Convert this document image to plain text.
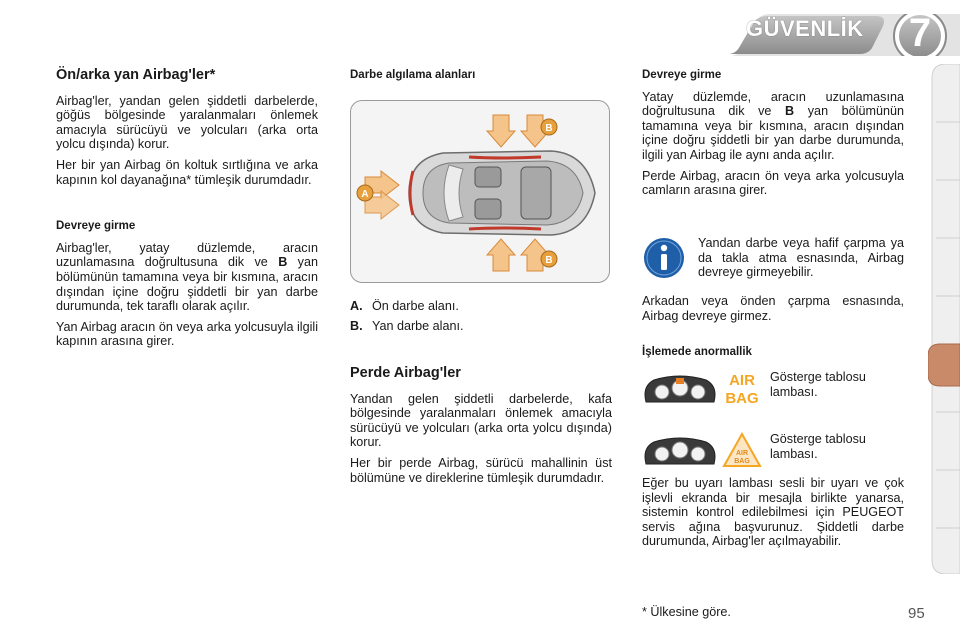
GÜVENLİK	7
Ön/arka yan Airbag'ler*

Airbag'ler, yandan gelen şiddetli darbelerde, göğüs bölgesinde yaralanmaları önlemek amacıyla sürücüyü ve yolcuları (arka orta yolcu dışında) korur.

Her bir yan Airbag ön koltuk sırtlığına ve arka kapının kol dayanağına* tümleşik durumdadır.

Devreye girme

Airbag'ler, yatay düzlemde, aracın uzunlamasına doğrultusuna dik ve B yan bölümünün tamamına veya bir kısmına, aracın dışından içine doğru şiddetli bir yan darbe durumunda, tek taraflı olarak açılır.

Yan Airbag aracın ön veya arka yolcusuyla ilgili kapının arasına girer.

Darbe algılama alanları
B
A
B
A. Ön darbe alanı.
B. Yan darbe alanı.
Perde Airbag'ler

Yandan gelen şiddetli darbelerde, kafa bölgesinde yaralanmaları önlemek amacıyla sürücüyü ve yolcuları (arka orta yolcu dışında) korur.

Her bir perde Airbag, sürücü mahallinin üst bölümüne ve direklerine tümleşik durumdadır.

Devreye girme

Yatay düzlemde, aracın uzunlamasına doğrultusuna dik ve B yan bölümünün tamamına veya bir kısmına, aracın dışından içine doğru şiddetli bir yan darbe durumunda, ilgili yan Airbag ile aynı anda açılır.

Perde Airbag, aracın ön veya arka yolcusuyla camların arasına girer.

Yandan darbe veya hafif çarpma ya da takla atma esnasında, Airbag devreye girmeyebilir.

Arkadan veya önden çarpma esnasında, Airbag devreye girmez.

İşlemede anormallik
AIR
BAG
Gösterge tablosu lambası.
AIR
BAG
Gösterge tablosu lambası.
Eğer bu uyarı lambası sesli bir uyarı ve çok işlevli ekranda bir mesajla birlikte yanarsa, sistemin kontrol edilebilmesi için PEUGEOT servis ağına başvurunuz. Şiddetli darbe durumunda, Airbag'ler açılmayabilir.
* Ülkesine göre.	95
